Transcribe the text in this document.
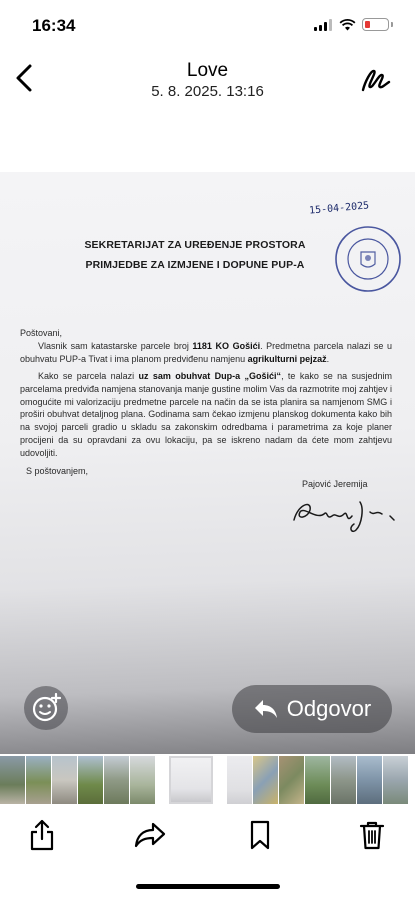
16:34
Love
5. 8. 2025. 13:16
15-04-2025
SEKRETARIJAT ZA UREĐENJE PROSTORA
PRIMJEDBE ZA IZMJENE I DOPUNE PUP-A
Poštovani,
Vlasnik sam katastarske parcele broj 1181 KO Gošići. Predmetna parcela nalazi se u obuhvatu PUP-a Tivat i ima planom predviđenu namjenu agrikulturni pejzaž.
Kako se parcela nalazi uz sam obuhvat Dup-a „Gošići“, te kako se na susjednim parcelama predviđa namjena stanovanja manje gustine molim Vas da razmotrite moj zahtjev i omogućite mi valorizaciju predmetne parcele na način da se ista planira sa namjenom SMG i proširi obuhvat detaljnog plana. Godinama sam čekao izmjenu planskog dokumenta kako bih na svojoj parceli gradio u skladu sa zakonskim odredbama i parametrima za koje planer procijeni da su opravdani za ovu lokaciju, pa se iskreno nadam da ćete mom zahtjevu udovoljiti.
S poštovanjem,
Pajović Jeremija
Odgovor
